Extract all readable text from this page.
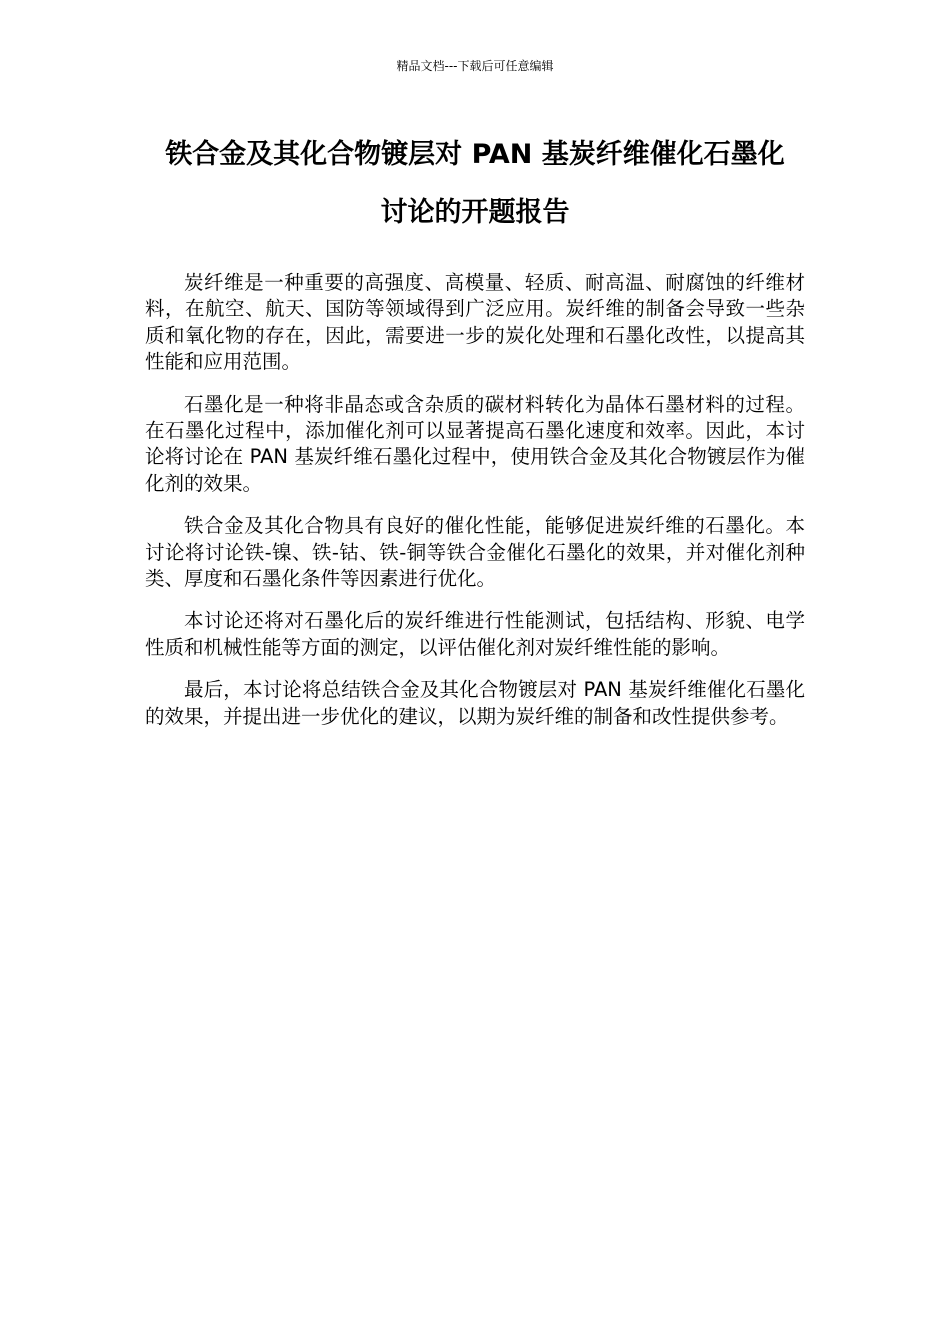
精品文档---下载后可任意编辑
铁合金及其化合物镀层对 PAN 基炭纤维催化石墨化
讨论的开题报告

炭纤维是一种重要的高强度、高模量、轻质、耐高温、耐腐蚀的纤维材料，在航空、航天、国防等领域得到广泛应用。炭纤维的制备会导致一些杂质和氧化物的存在，因此，需要进一步的炭化处理和石墨化改性，以提高其性能和应用范围。

石墨化是一种将非晶态或含杂质的碳材料转化为晶体石墨材料的过程。在石墨化过程中，添加催化剂可以显著提高石墨化速度和效率。因此，本讨论将讨论在 PAN 基炭纤维石墨化过程中，使用铁合金及其化合物镀层作为催化剂的效果。

铁合金及其化合物具有良好的催化性能，能够促进炭纤维的石墨化。本讨论将讨论铁-镍、铁-钴、铁-铜等铁合金催化石墨化的效果，并对催化剂种类、厚度和石墨化条件等因素进行优化。

本讨论还将对石墨化后的炭纤维进行性能测试，包括结构、形貌、电学性质和机械性能等方面的测定，以评估催化剂对炭纤维性能的影响。

最后，本讨论将总结铁合金及其化合物镀层对 PAN 基炭纤维催化石墨化的效果，并提出进一步优化的建议，以期为炭纤维的制备和改性提供参考。
